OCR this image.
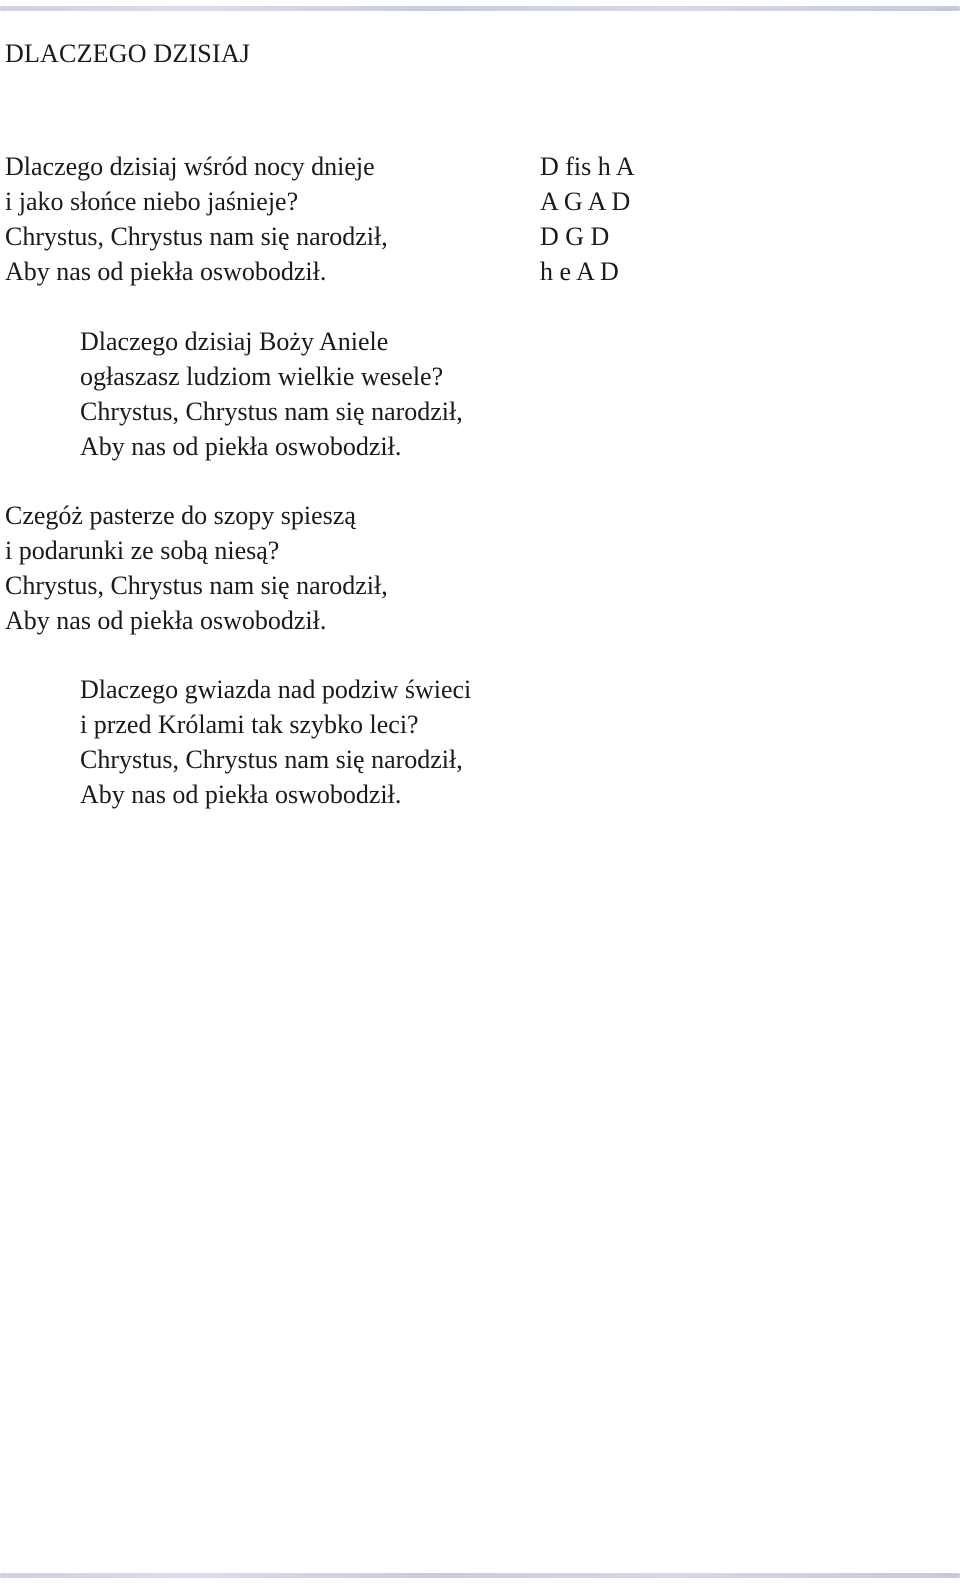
DLACZEGO DZISIAJ
Dlaczego dzisiaj wśród nocy dnieje
i jako słońce niebo jaśnieje?
Chrystus, Chrystus nam się narodził,
Aby nas od piekła oswobodził.
D fis h A
A G A D
D G D
h e A D
Dlaczego dzisiaj Boży Aniele
ogłaszasz ludziom wielkie wesele?
Chrystus, Chrystus nam się narodził,
Aby nas od piekła oswobodził.
Czegóż pasterze do szopy spieszą
i podarunki ze sobą niesą?
Chrystus, Chrystus nam się narodził,
Aby nas od piekła oswobodził.
Dlaczego gwiazda nad podziw świeci
i przed Królami tak szybko leci?
Chrystus, Chrystus nam się narodził,
Aby nas od piekła oswobodził.
